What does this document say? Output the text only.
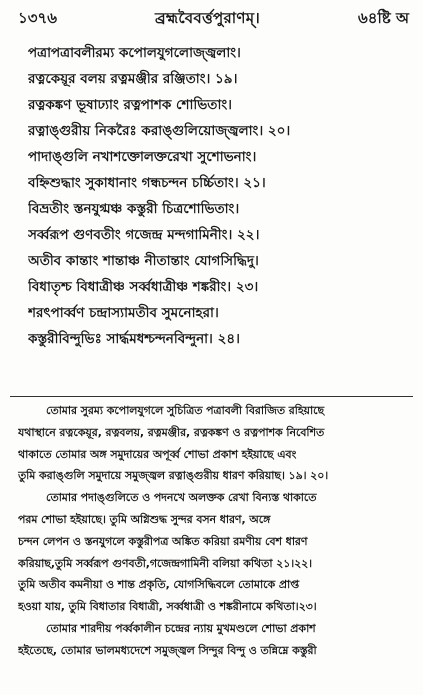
১৩৭৬	ব্রহ্মবৈবর্ত্তপুরাণম্।	৬৪ষ্টি অ
পত্রাপত্রাবলীরম্য কপোলযুগলোজ্জ্বলাং।
রত্নকেয়ূর বলয় রত্নমঞ্জীর রঞ্জিতাং। ১৯।
রত্নকঙ্কণ ভূষাঢ্যাং রত্নপাশক শোভিতাং।
রত্নাঙ্গুরীয় নিকরৈঃ করাঙ্গুলিয়োজ্জ্বলাং। ২০।
পাদাঙ্গুলি নখাশক্তোলক্তরেখা সুশোভনাং।
বহ্নিশুদ্ধাং সুকাধানাং গন্ধচন্দন চর্চ্চিতাং। ২১।
বিভ্রতীং স্তনযুগ্মঞ্চ কস্তুরী চিত্রশোভিতাং।
সর্ব্বরূপ গুণবতীং গজেন্দ্র মন্দগামিনীং। ২২।
অতীব কান্তাং শান্তাঞ্চ নীতান্তাং যোগসিদ্ধিদু।
বিধাতৃশ্চ বিধাত্রীঞ্চ সর্ব্বধাত্রীঞ্চ শঙ্করীং। ২৩।
শরৎপার্ব্বণ চন্দ্রাস্যামতীব সুমনোহরা।
কস্তুরীবিন্দুভিঃ সার্দ্ধমধশ্চন্দনবিন্দুনা। ২৪।
তোমার সুরম্য কপোলযুগলে সুচিত্রিত পত্রাবলী বিরাজিত রহিয়াছে
যথাস্থানে রত্নকেয়ূর, রত্নবলয়, রত্নমঞ্জীর, রত্নকঙ্কণ ও রত্নপাশক নিবেশিত
থাকাতে তোমার অঙ্গ সমুদায়ের অপূর্ব্ব শোভা প্রকাশ হইয়াছে এবং
তুমি করাঙ্গুলি সমুদায়ে সমুজ্জ্বল রত্নাঙ্গুরীয় ধারণ করিয়াছ। ১৯। ২০।
তোমার পদাঙ্গুলিতে ও পদনখে অলক্তক রেখা বিন্যস্ত থাকাতে
পরম শোভা হইয়াছে। তুমি অগ্নিশুদ্ধ সুন্দর বসন ধারণ, অঙ্গে
চন্দন লেপন ও স্তনযুগলে কস্তুরীপত্র অঙ্কিত করিয়া রমণীয় বেশ ধারণ
করিয়াছ,তুমি সর্ব্বরূপ গুণবতী,গজেন্দ্রগামিনী বলিয়া কথিতা ২১।২২।
তুমি অতীব কমনীয়া ও শান্ত প্রকৃতি, যোগসিদ্ধিবলে তোমাকে প্রাপ্ত
হওয়া যায়, তুমি বিধাতার বিধাত্রী, সর্ব্বধাত্রী ও শঙ্করীনামে কথিতা।২৩।
তোমার শারদীয় পর্ব্বকালীন চন্দ্রের ন্যায় মুখমণ্ডলে শোভা প্রকাশ
হইতেছে, তোমার ভালমধ্যদেশে সমুজ্জ্বল সিন্দুর বিন্দু ও তন্নিম্নে কস্তুরী
